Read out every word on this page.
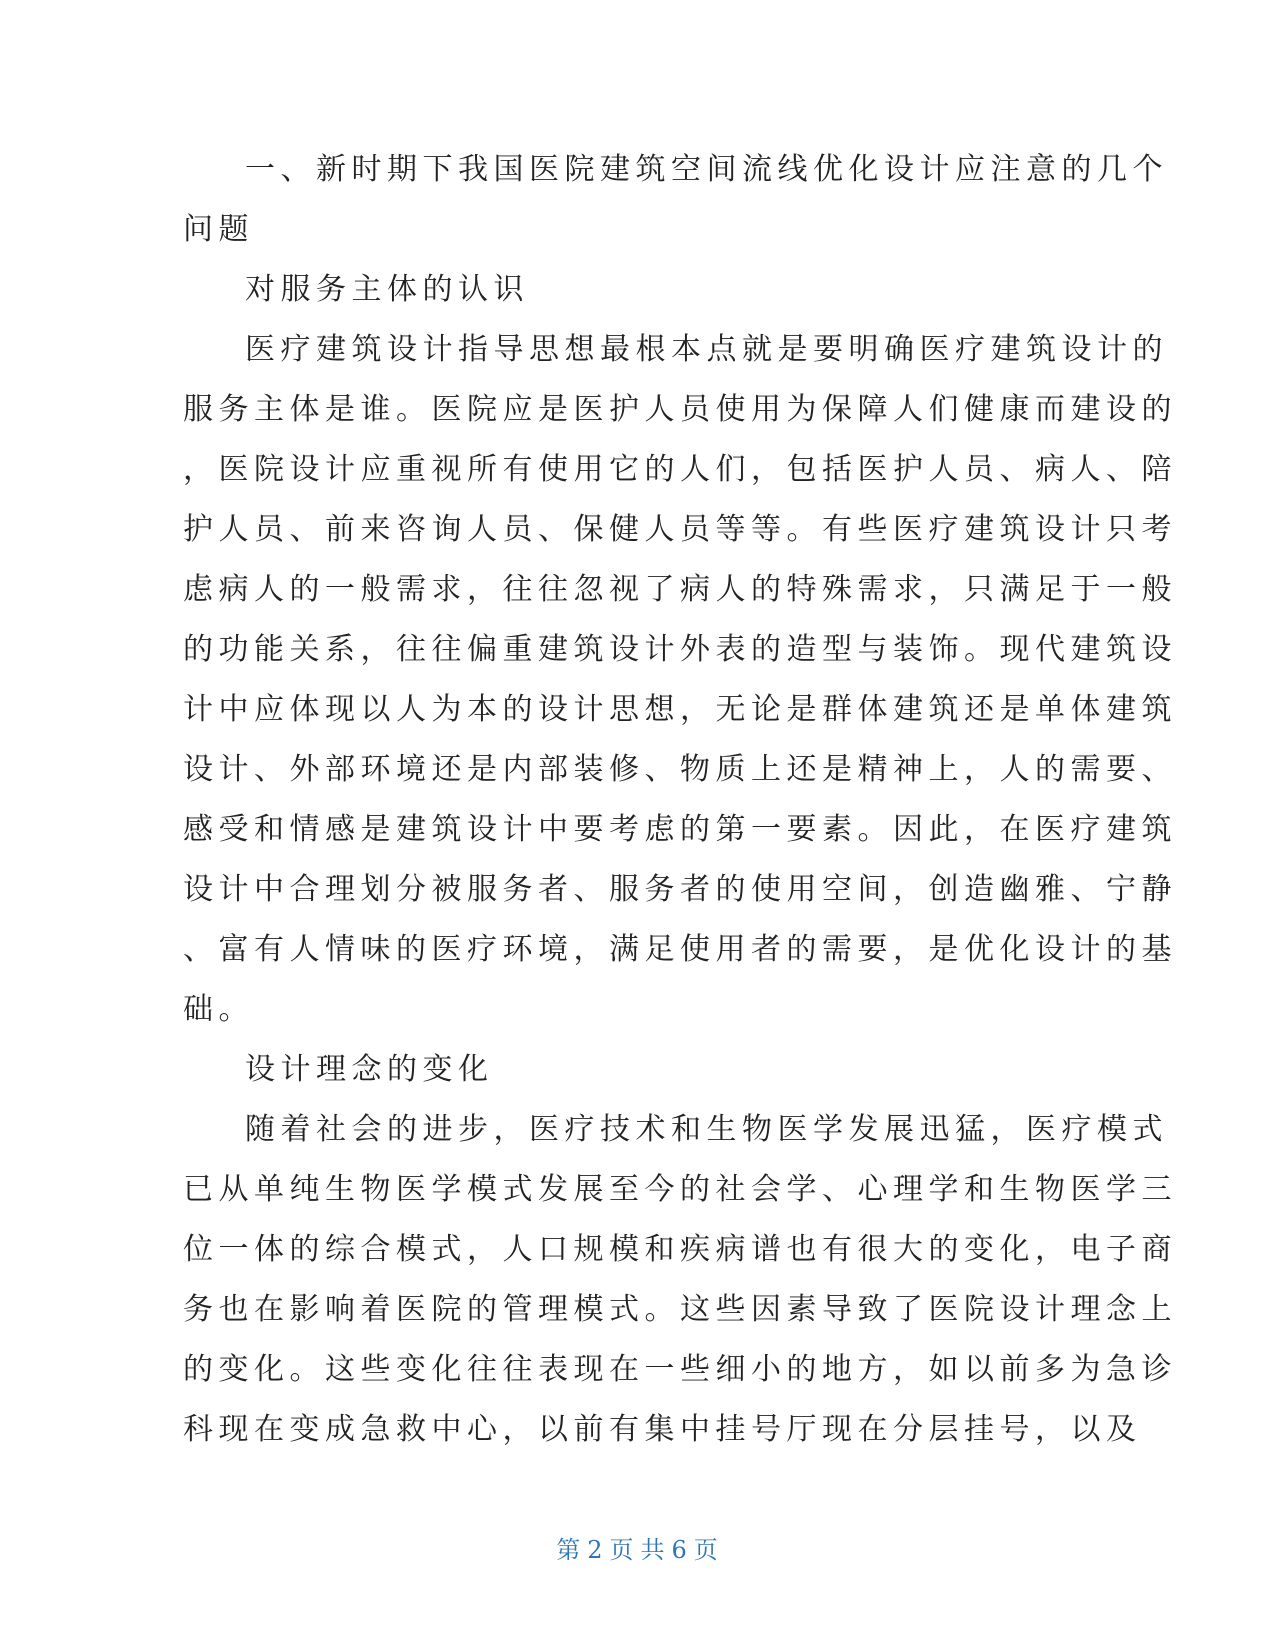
一、新时期下我国医院建筑空间流线优化设计应注意的几个
问题
对服务主体的认识
医疗建筑设计指导思想最根本点就是要明确医疗建筑设计的
服务主体是谁。医院应是医护人员使用为保障人们健康而建设的
，医院设计应重视所有使用它的人们，包括医护人员、病人、陪
护人员、前来咨询人员、保健人员等等。有些医疗建筑设计只考
虑病人的一般需求，往往忽视了病人的特殊需求，只满足于一般
的功能关系，往往偏重建筑设计外表的造型与装饰。现代建筑设
计中应体现以人为本的设计思想，无论是群体建筑还是单体建筑
设计、外部环境还是内部装修、物质上还是精神上，人的需要、
感受和情感是建筑设计中要考虑的第一要素。因此，在医疗建筑
设计中合理划分被服务者、服务者的使用空间，创造幽雅、宁静
、富有人情味的医疗环境，满足使用者的需要，是优化设计的基
础。
设计理念的变化
随着社会的进步，医疗技术和生物医学发展迅猛，医疗模式
已从单纯生物医学模式发展至今的社会学、心理学和生物医学三
位一体的综合模式，人口规模和疾病谱也有很大的变化，电子商
务也在影响着医院的管理模式。这些因素导致了医院设计理念上
的变化。这些变化往往表现在一些细小的地方，如以前多为急诊
科现在变成急救中心，以前有集中挂号厅现在分层挂号，以及
第 2 页 共 6 页
